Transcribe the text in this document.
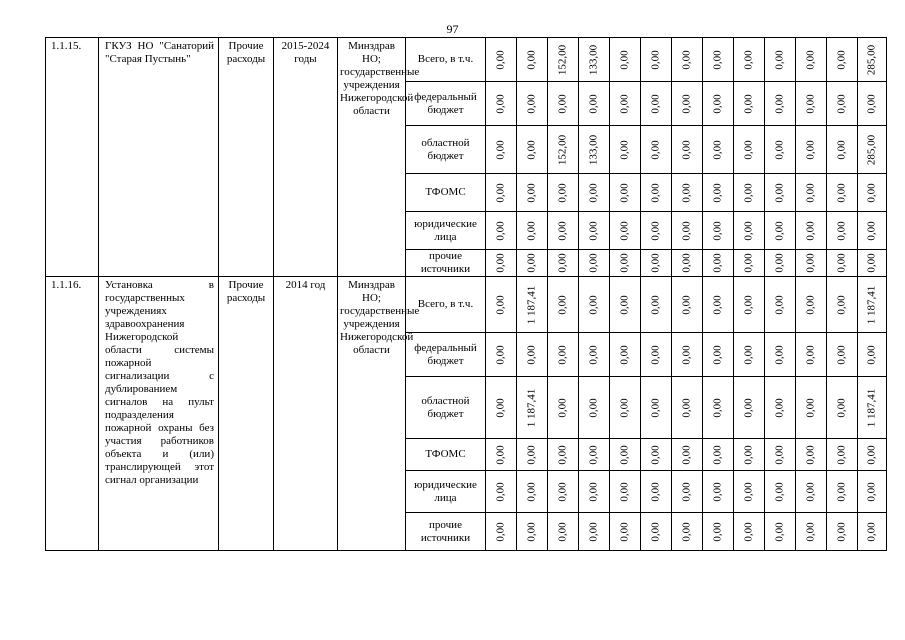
97
1.1.15.	ГКУЗ НО "Санаторий "Старая Пустынь"	Прочие расходы	2015-2024 годы	Минздрав НО; государственные учреждения Нижегородской области	Всего, в т.ч.	0,00	0,00	152,00	133,00	0,00	0,00	0,00	0,00	0,00	0,00	0,00	0,00	285,00

					федеральный бюджет	0,00	0,00	0,00	0,00	0,00	0,00	0,00	0,00	0,00	0,00	0,00	0,00	0,00

					областной бюджет	0,00	0,00	152,00	133,00	0,00	0,00	0,00	0,00	0,00	0,00	0,00	0,00	285,00

					ТФОМС	0,00	0,00	0,00	0,00	0,00	0,00	0,00	0,00	0,00	0,00	0,00	0,00	0,00

					юридические лица	0,00	0,00	0,00	0,00	0,00	0,00	0,00	0,00	0,00	0,00	0,00	0,00	0,00

					прочие источники	0,00	0,00	0,00	0,00	0,00	0,00	0,00	0,00	0,00	0,00	0,00	0,00	0,00

1.1.16.	Установка в государственных учреждениях здравоохранения Нижегородской области системы пожарной сигнализации с дублированием сигналов на пульт подразделения пожарной охраны без участия работников объекта и (или) транслирующей этот сигнал организации	Прочие расходы	2014 год	Минздрав НО; государственные учреждения Нижегородской области	Всего, в т.ч.	0,00	1 187,41	0,00	0,00	0,00	0,00	0,00	0,00	0,00	0,00	0,00	0,00	1 187,41

					федеральный бюджет	0,00	0,00	0,00	0,00	0,00	0,00	0,00	0,00	0,00	0,00	0,00	0,00	0,00

					областной бюджет	0,00	1 187,41	0,00	0,00	0,00	0,00	0,00	0,00	0,00	0,00	0,00	0,00	1 187,41

					ТФОМС	0,00	0,00	0,00	0,00	0,00	0,00	0,00	0,00	0,00	0,00	0,00	0,00	0,00

					юридические лица	0,00	0,00	0,00	0,00	0,00	0,00	0,00	0,00	0,00	0,00	0,00	0,00	0,00

					прочие источники	0,00	0,00	0,00	0,00	0,00	0,00	0,00	0,00	0,00	0,00	0,00	0,00	0,00
